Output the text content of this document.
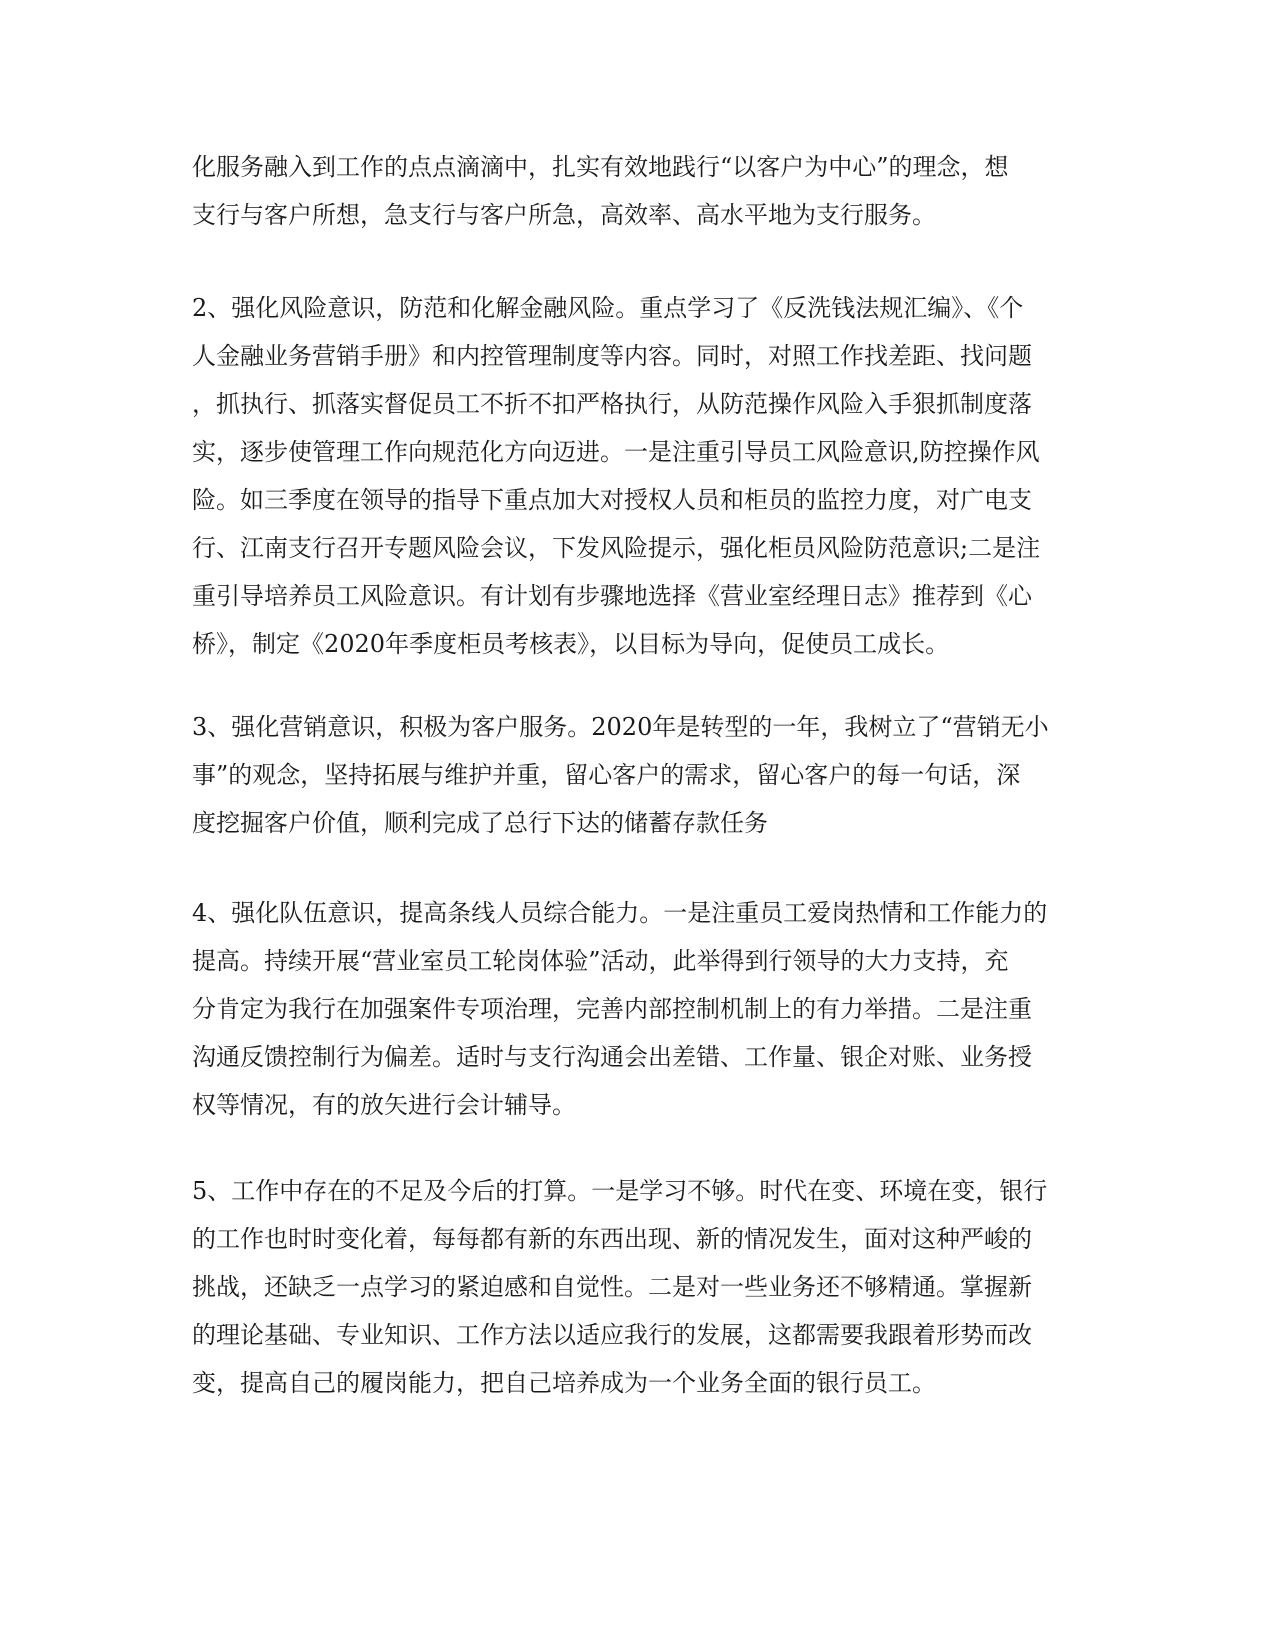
化服务融入到工作的点点滴滴中，扎实有效地践行“以客户为中心”的理念，想
支行与客户所想，急支行与客户所急，高效率、高水平地为支行服务。
2、强化风险意识，防范和化解金融风险。重点学习了《反洗钱法规汇编》、《个
人金融业务营销手册》和内控管理制度等内容。同时，对照工作找差距、找问题
，抓执行、抓落实督促员工不折不扣严格执行，从防范操作风险入手狠抓制度落
实，逐步使管理工作向规范化方向迈进。一是注重引导员工风险意识,防控操作风
险。如三季度在领导的指导下重点加大对授权人员和柜员的监控力度，对广电支
行、江南支行召开专题风险会议，下发风险提示，强化柜员风险防范意识;二是注
重引导培养员工风险意识。有计划有步骤地选择《营业室经理日志》推荐到《心
桥》，制定《2020年季度柜员考核表》，以目标为导向，促使员工成长。
3、强化营销意识，积极为客户服务。2020年是转型的一年，我树立了“营销无小
事”的观念，坚持拓展与维护并重，留心客户的需求，留心客户的每一句话，深
度挖掘客户价值，顺利完成了总行下达的储蓄存款任务
4、强化队伍意识，提高条线人员综合能力。一是注重员工爱岗热情和工作能力的
提高。持续开展“营业室员工轮岗体验”活动，此举得到行领导的大力支持，充
分肯定为我行在加强案件专项治理，完善内部控制机制上的有力举措。二是注重
沟通反馈控制行为偏差。适时与支行沟通会出差错、工作量、银企对账、业务授
权等情况，有的放矢进行会计辅导。
5、工作中存在的不足及今后的打算。一是学习不够。时代在变、环境在变，银行
的工作也时时变化着，每每都有新的东西出现、新的情况发生，面对这种严峻的
挑战，还缺乏一点学习的紧迫感和自觉性。二是对一些业务还不够精通。掌握新
的理论基础、专业知识、工作方法以适应我行的发展，这都需要我跟着形势而改
变，提高自己的履岗能力，把自己培养成为一个业务全面的银行员工。
